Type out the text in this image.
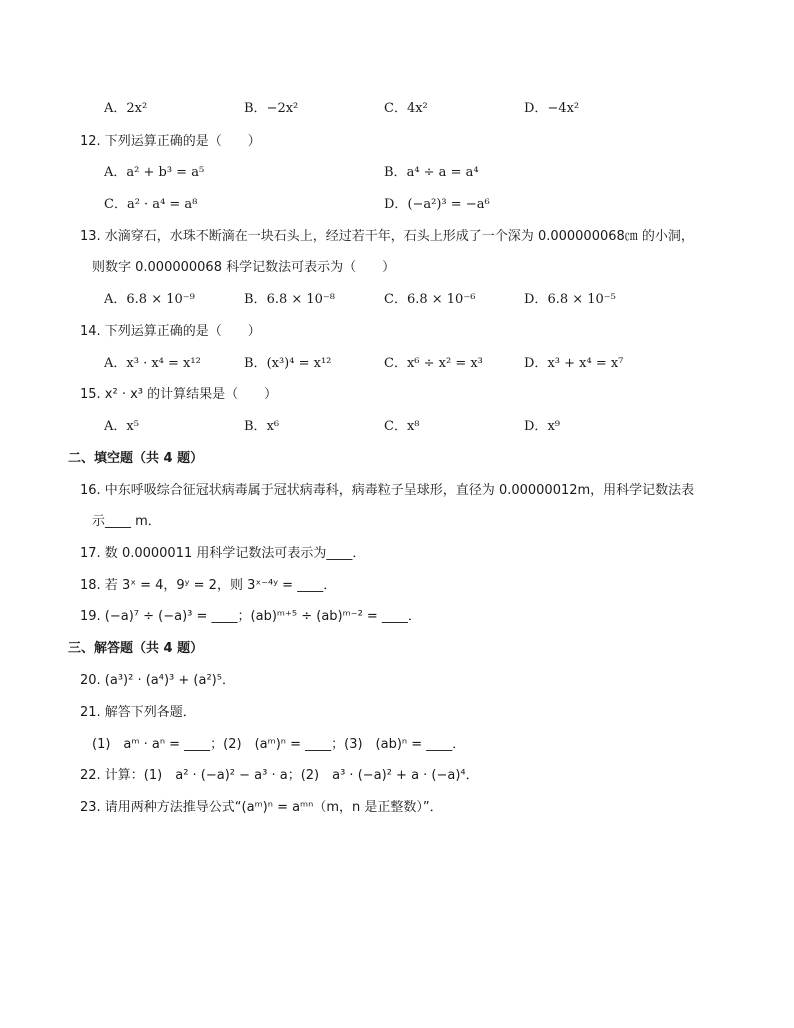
A．2x²	B．−2x²	C．4x²	D．−4x²
12. 下列运算正确的是（　　）
A．a² + b³ = a⁵	B．a⁴ ÷ a = a⁴
C．a² · a⁴ = a⁸	D．(−a²)³ = −a⁶
13. 水滴穿石，水珠不断滴在一块石头上，经过若干年，石头上形成了一个深为 0.000000068㎝ 的小洞，
则数字 0.000000068 科学记数法可表示为（　　）
A．6.8 × 10⁻⁹	B．6.8 × 10⁻⁸	C．6.8 × 10⁻⁶	D．6.8 × 10⁻⁵
14. 下列运算正确的是（　　）
A．x³ · x⁴ = x¹²	B．(x³)⁴ = x¹²	C．x⁶ ÷ x² = x³	D．x³ + x⁴ = x⁷
15. x² · x³ 的计算结果是（　　）
A．x⁵	B．x⁶	C．x⁸	D．x⁹
二、填空题（共 4 题）
16. 中东呼吸综合征冠状病毒属于冠状病毒科，病毒粒子呈球形，直径为 0.00000012m，用科学记数法表
示____ m．
17. 数 0.0000011 用科学记数法可表示为____．
18. 若 3ˣ = 4，9ʸ = 2，则 3ˣ⁻⁴ʸ = ____．
19. (−a)⁷ ÷ (−a)³ = ____；(ab)ᵐ⁺⁵ ÷ (ab)ᵐ⁻² = ____．
三、解答题（共 4 题）
20. (a³)² · (a⁴)³ + (a²)⁵．
21. 解答下列各题．
(1)　aᵐ · aⁿ = ____；(2)　(aᵐ)ⁿ = ____；(3)　(ab)ⁿ = ____．
22. 计算：(1)　a² · (−a)² − a³ · a；(2)　a³ · (−a)² + a · (−a)⁴．
23. 请用两种方法推导公式“(aᵐ)ⁿ = aᵐⁿ（m，n 是正整数）”．
